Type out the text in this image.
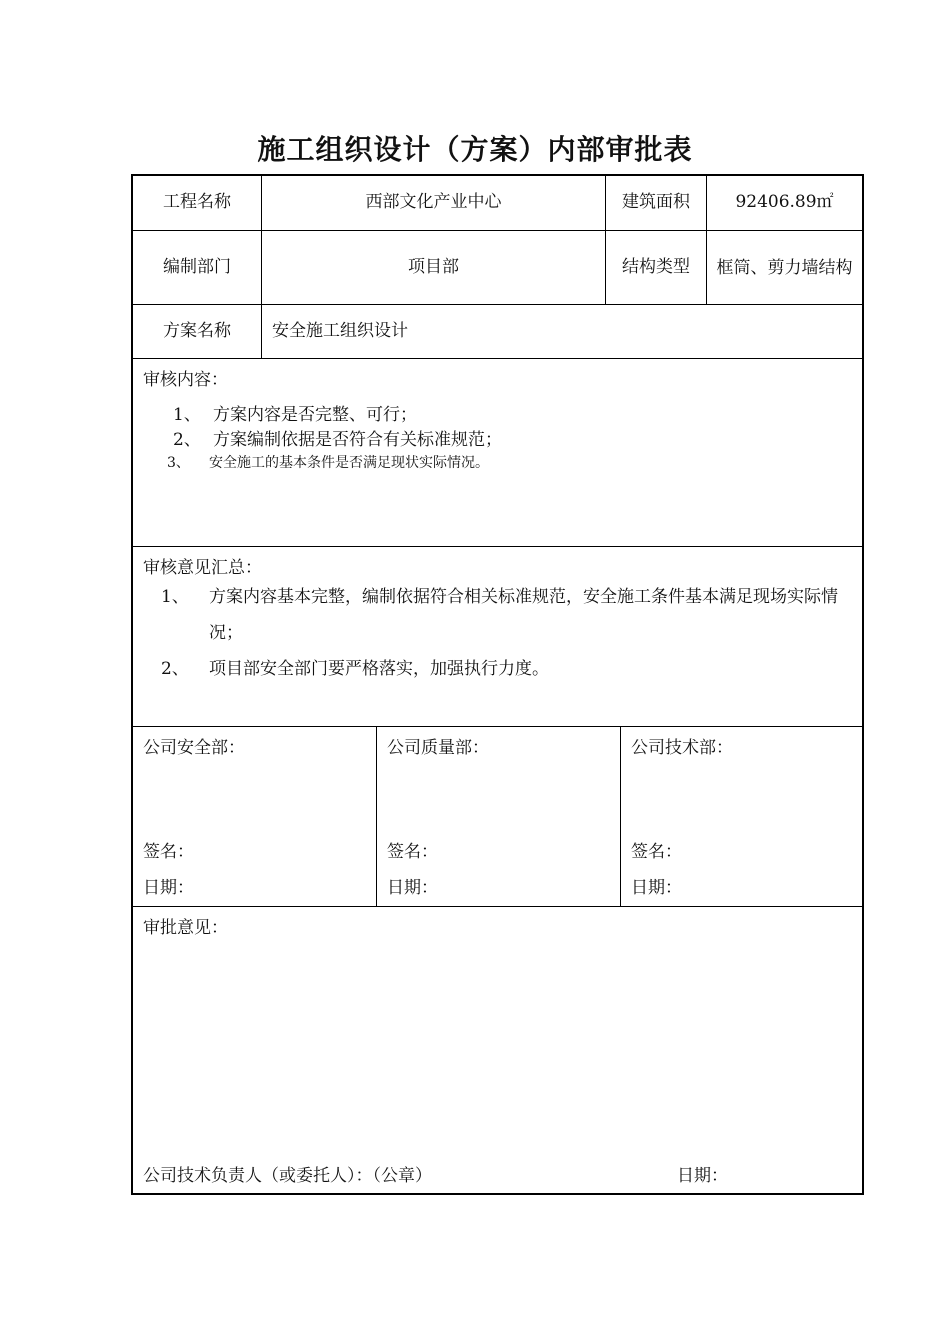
施工组织设计（方案）内部审批表
工程名称	西部文化产业中心	建筑面积	92406.89㎡
编制部门	项目部	结构类型	框筒、剪力墙结构
方案名称	安全施工组织设计
审核内容：
1、 方案内容是否完整、可行；
2、 方案编制依据是否符合有关标准规范；
3、	安全施工的基本条件是否满足现状实际情况。
审核意见汇总：
1、 方案内容基本完整，编制依据符合相关标准规范，安全施工条件基本满足现场实际情况；
2、 项目部安全部门要严格落实，加强执行力度。
公司安全部：
签名：
日期：
公司质量部：
签名：
日期：
公司技术部：
签名：
日期：
审批意见：
公司技术负责人（或委托人）：（公章）	日期：
